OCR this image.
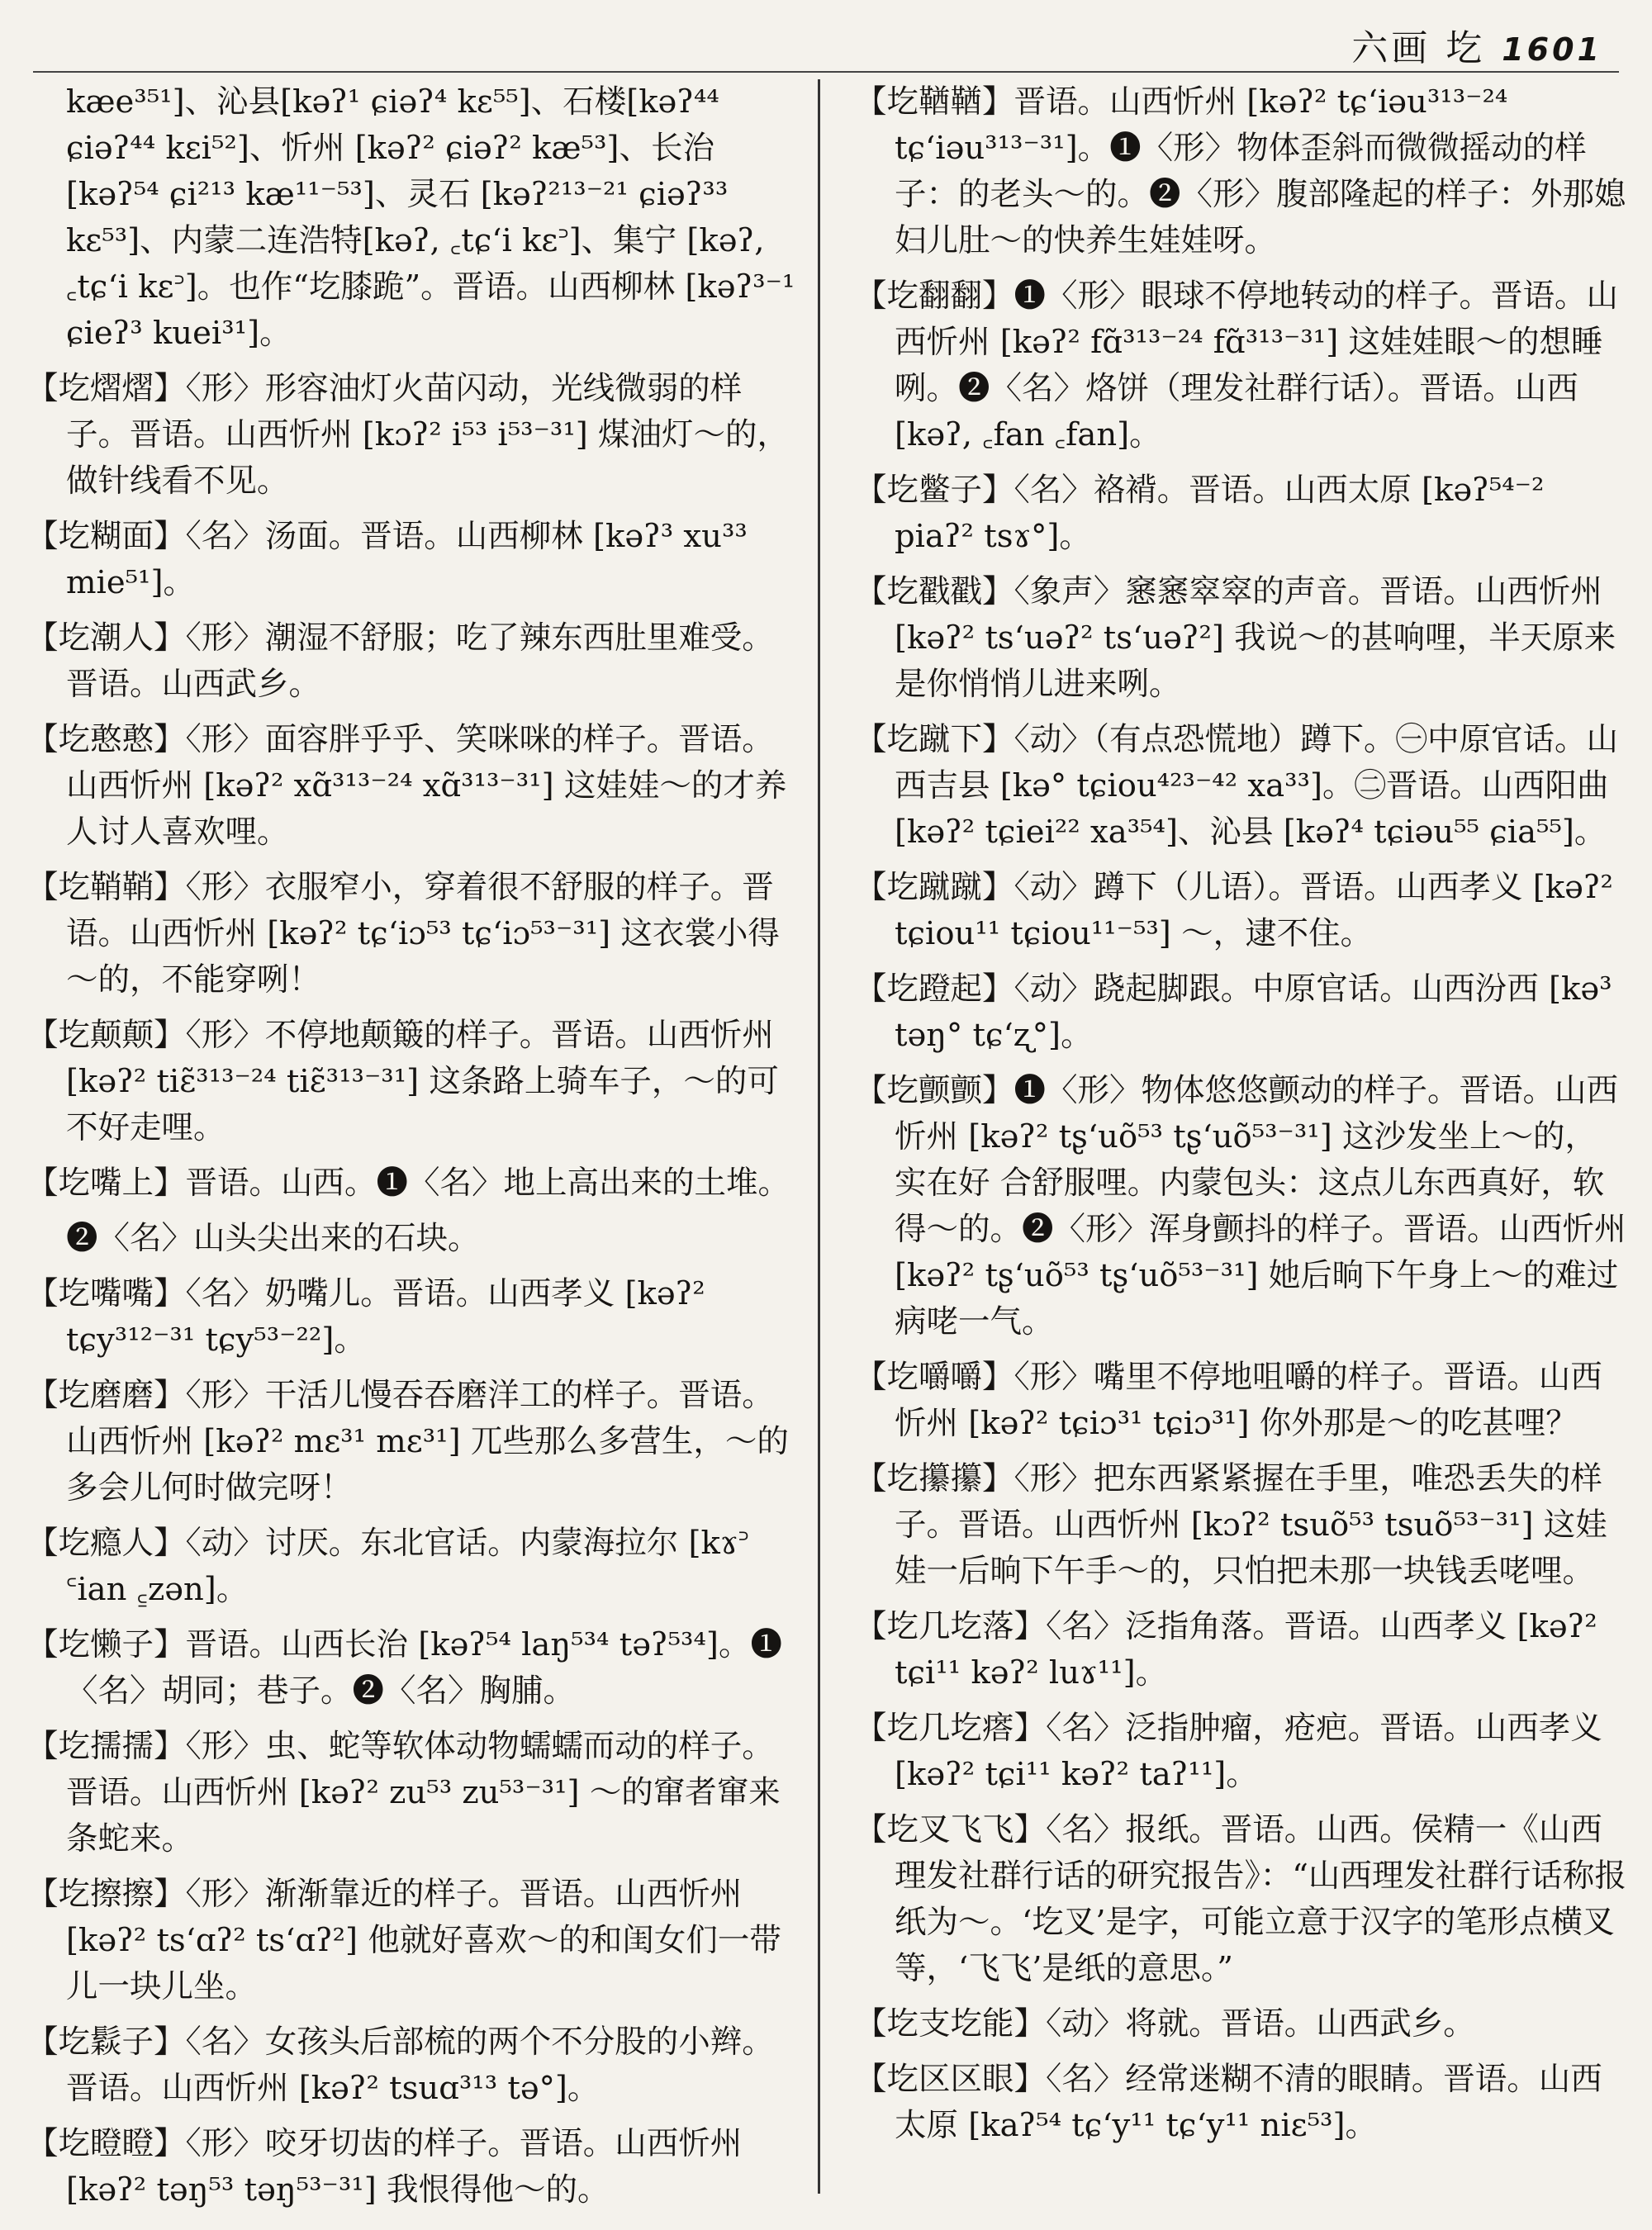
六画 圪 1601
kæe³⁵¹]、沁县[kəʔ¹ ɕiəʔ⁴ kɛ⁵⁵]、石楼[kəʔ⁴⁴ ɕiəʔ⁴⁴ kɛi⁵²]、忻州 [kəʔ² ɕiəʔ² kæ⁵³]、长治 [kəʔ⁵⁴ ɕi²¹³ kæ¹¹⁻⁵³]、灵石 [kəʔ²¹³⁻²¹ ɕiəʔ³³ kɛ⁵³]、内蒙二连浩特[kəʔ, ꜀tɕʻi kɛ꜄]、集宁 [kəʔ, ꜀tɕʻi kɛ꜄]。也作“圪膝跪”。晋语。山西柳林 [kəʔ³⁻¹ ɕieʔ³ kuei³¹]。
【圪熠熠】〈形〉形容油灯火苗闪动，光线微弱的样子。晋语。山西忻州 [kɔʔ² i⁵³ i⁵³⁻³¹] 煤油灯～的，做针线看不见。
【圪糊面】〈名〉汤面。晋语。山西柳林 [kəʔ³ xu³³ mie⁵¹]。
【圪潮人】〈形〉潮湿不舒服；吃了辣东西肚里难受。晋语。山西武乡。
【圪憨憨】〈形〉面容胖乎乎、笑咪咪的样子。晋语。山西忻州 [kəʔ² xɑ̃³¹³⁻²⁴ xɑ̃³¹³⁻³¹] 这娃娃～的才养人讨人喜欢哩。
【圪鞘鞘】〈形〉衣服窄小，穿着很不舒服的样子。晋语。山西忻州 [kəʔ² tɕʻiɔ⁵³ tɕʻiɔ⁵³⁻³¹] 这衣裳小得～的，不能穿咧！
【圪颠颠】〈形〉不停地颠簸的样子。晋语。山西忻州 [kəʔ² tiɛ̃³¹³⁻²⁴ tiɛ̃³¹³⁻³¹] 这条路上骑车子，～的可不好走哩。
【圪嘴上】晋语。山西。❶〈名〉地上高出来的土堆。
❷〈名〉山头尖出来的石块。
【圪嘴嘴】〈名〉奶嘴儿。晋语。山西孝义 [kəʔ² tɕy³¹²⁻³¹ tɕy⁵³⁻²²]。
【圪磨磨】〈形〉干活儿慢吞吞磨洋工的样子。晋语。山西忻州 [kəʔ² mɛ³¹ mɛ³¹] 兀些那么多营生，～的多会儿何时做完呀！
【圪瘾人】〈动〉讨厌。东北官话。内蒙海拉尔 [kɤ꜄ ꜂ian ꜁zən]。
【圪懒子】晋语。山西长治 [kəʔ⁵⁴ laŋ⁵³⁴ təʔ⁵³⁴]。❶〈名〉胡同；巷子。❷〈名〉胸脯。
【圪擩擩】〈形〉虫、蛇等软体动物蠕蠕而动的样子。晋语。山西忻州 [kəʔ² zu⁵³ zu⁵³⁻³¹] ～的窜者窜来条蛇来。
【圪擦擦】〈形〉渐渐靠近的样子。晋语。山西忻州 [kəʔ² tsʻɑʔ² tsʻɑʔ²] 他就好喜欢～的和闺女们一带儿一块儿坐。
【圪鬏子】〈名〉女孩头后部梳的两个不分股的小辫。晋语。山西忻州 [kəʔ² tsuɑ³¹³ tə°]。
【圪瞪瞪】〈形〉咬牙切齿的样子。晋语。山西忻州 [kəʔ² təŋ⁵³ təŋ⁵³⁻³¹] 我恨得他～的。
【圪鞧鞧】晋语。山西忻州 [kəʔ² tɕʻiəu³¹³⁻²⁴ tɕʻiəu³¹³⁻³¹]。❶〈形〉物体歪斜而微微摇动的样子：的老头～的。❷〈形〉腹部隆起的样子：外那媳妇儿肚～的快养生娃娃呀。
【圪翻翻】❶〈形〉眼球不停地转动的样子。晋语。山西忻州 [kəʔ² fɑ̃³¹³⁻²⁴ fɑ̃³¹³⁻³¹] 这娃娃眼～的想睡咧。❷〈名〉烙饼（理发社群行话）。晋语。山西 [kəʔ, ꜀fan ꜀fan]。
【圪鳖子】〈名〉袼褙。晋语。山西太原 [kəʔ⁵⁴⁻² piaʔ² tsɤ°]。
【圪戳戳】〈象声〉窸窸窣窣的声音。晋语。山西忻州 [kəʔ² tsʻuəʔ² tsʻuəʔ²] 我说～的甚响哩，半天原来是你悄悄儿进来咧。
【圪蹴下】〈动〉（有点恐慌地）蹲下。㊀中原官话。山西吉县 [kə° tɕiou⁴²³⁻⁴² xa³³]。㊁晋语。山西阳曲 [kəʔ² tɕiei²² xa³⁵⁴]、沁县 [kəʔ⁴ tɕiəu⁵⁵ ɕia⁵⁵]。
【圪蹴蹴】〈动〉蹲下（儿语）。晋语。山西孝义 [kəʔ² tɕiou¹¹ tɕiou¹¹⁻⁵³] ～，逮不住。
【圪蹬起】〈动〉跷起脚跟。中原官话。山西汾西 [kə³ təŋ° tɕʻʐ°]。
【圪颤颤】❶〈形〉物体悠悠颤动的样子。晋语。山西忻州 [kəʔ² tʂʻuõ⁵³ tʂʻuõ⁵³⁻³¹] 这沙发坐上～的，实在好 合舒服哩。内蒙包头：这点儿东西真好，软得～的。❷〈形〉浑身颤抖的样子。晋语。山西忻州 [kəʔ² tʂʻuõ⁵³ tʂʻuõ⁵³⁻³¹] 她后晌下午身上～的难过病咾一气。
【圪嚼嚼】〈形〉嘴里不停地咀嚼的样子。晋语。山西忻州 [kəʔ² tɕiɔ³¹ tɕiɔ³¹] 你外那是～的吃甚哩？
【圪攥攥】〈形〉把东西紧紧握在手里，唯恐丢失的样子。晋语。山西忻州 [kɔʔ² tsuõ⁵³ tsuõ⁵³⁻³¹] 这娃娃一后晌下午手～的，只怕把未那一块钱丢咾哩。
【圪几圪落】〈名〉泛指角落。晋语。山西孝义 [kəʔ² tɕi¹¹ kəʔ² luɤ¹¹]。
【圪几圪瘩】〈名〉泛指肿瘤，疮疤。晋语。山西孝义 [kəʔ² tɕi¹¹ kəʔ² taʔ¹¹]。
【圪叉飞飞】〈名〉报纸。晋语。山西。侯精一《山西理发社群行话的研究报告》：“山西理发社群行话称报纸为～。‘圪叉’是字，可能立意于汉字的笔形点横叉等，‘飞飞’是纸的意思。”
【圪支圪能】〈动〉将就。晋语。山西武乡。
【圪区区眼】〈名〉经常迷糊不清的眼睛。晋语。山西太原 [kaʔ⁵⁴ tɕʻy¹¹ tɕʻy¹¹ niɛ⁵³]。
